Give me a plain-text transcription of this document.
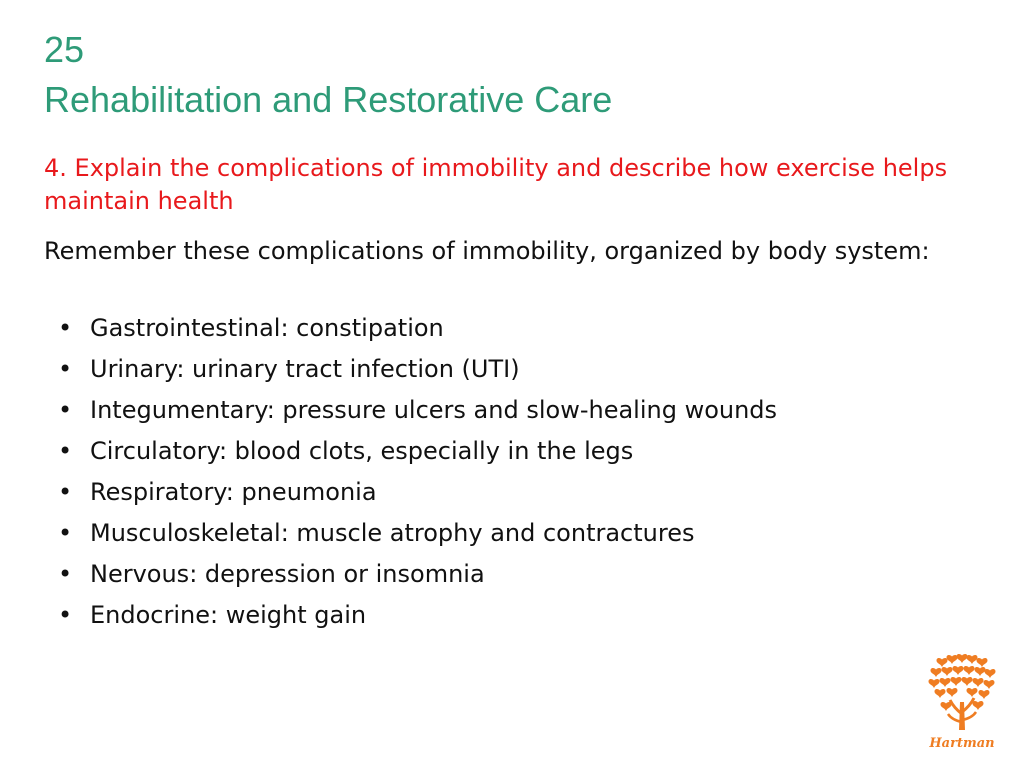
25
Rehabilitation and Restorative Care

4. Explain the complications of immobility and describe how exercise helps maintain health

Remember these complications of immobility, organized by body system:

• Gastrointestinal: constipation
• Urinary: urinary tract infection (UTI)
• Integumentary: pressure ulcers and slow-healing wounds
• Circulatory: blood clots, especially in the legs
• Respiratory: pneumonia
• Musculoskeletal: muscle atrophy and contractures
• Nervous: depression or insomnia
• Endocrine: weight gain
Hartman
